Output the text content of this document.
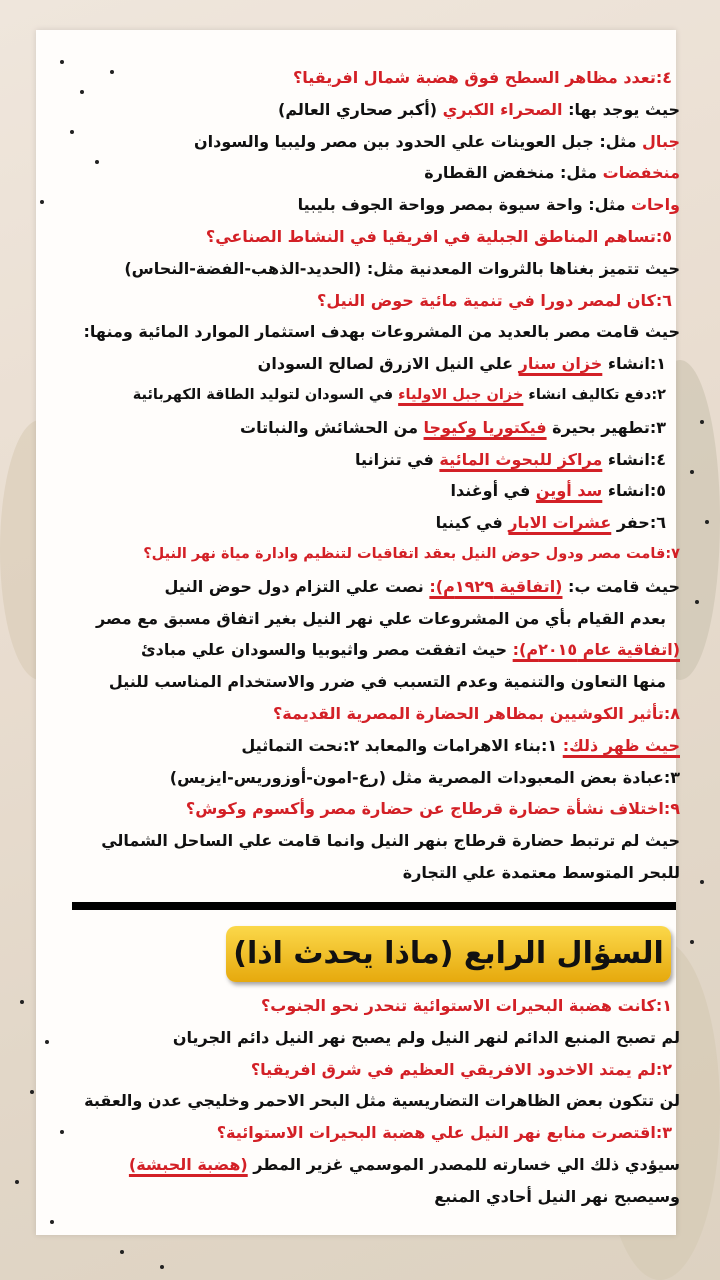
٤:تعدد مظاهر السطح فوق هضبة شمال افريقيا؟
حيث يوجد بها: الصحراء الكبري (أكبر صحاري العالم)
جبال مثل: جبل العوينات علي الحدود بين مصر وليبيا والسودان
منخفضات مثل: منخفض القطارة
واحات مثل: واحة سيوة بمصر وواحة الجوف بليبيا
٥:تساهم المناطق الجبلية في افريقيا في النشاط الصناعي؟
حيث تتميز بغناها بالثروات المعدنية مثل: (الحديد-الذهب-الفضة-النحاس)
٦:كان لمصر دورا في تنمية مائية حوض النيل؟
حيث قامت مصر بالعديد من المشروعات بهدف استثمار الموارد المائية ومنها:
١:انشاء خزان سنار علي النيل الازرق لصالح السودان
٢:دفع تكاليف انشاء خزان جبل الاولياء في السودان لتوليد الطاقة الكهربائية
٣:تطهير بحيرة فيكتوريا وكيوجا من الحشائش والنباتات
٤:انشاء مراكز للبحوث المائية في تنزانيا
٥:انشاء سد أوين في أوغندا
٦:حفر عشرات الابار في كينيا
٧:قامت مصر ودول حوض النيل بعقد اتفاقيات لتنظيم وادارة مياة نهر النيل؟
حيث قامت ب: (اتفاقية ١٩٢٩م): نصت علي التزام دول حوض النيل
بعدم القيام بأي من المشروعات علي نهر النيل بغير اتفاق مسبق مع مصر
(اتفاقية عام ٢٠١٥م): حيث اتفقت مصر واثيوبيا والسودان علي مبادئ
منها التعاون والتنمية وعدم التسبب في ضرر والاستخدام المناسب للنيل
٨:تأثير الكوشيين بمظاهر الحضارة المصرية القديمة؟
حيث ظهر ذلك: ١:بناء الاهرامات والمعابد ٢:نحت التماثيل
٣:عبادة بعض المعبودات المصرية مثل (رع-امون-أوزوريس-ايزيس)
٩:اختلاف نشأة حضارة قرطاج عن حضارة مصر وأكسوم وكوش؟
حيث لم ترتبط حضارة قرطاج بنهر النيل وانما قامت علي الساحل الشمالي
للبحر المتوسط معتمدة علي التجارة
السؤال الرابع (ماذا يحدث اذا)
١:كانت هضبة البحيرات الاستوائية تنحدر نحو الجنوب؟
لم تصبح المنبع الدائم لنهر النيل ولم يصبح نهر النيل دائم الجريان
٢:لم يمتد الاخدود الافريقي العظيم في شرق افريقيا؟
لن تتكون بعض الظاهرات التضاريسية مثل البحر الاحمر وخليجي عدن والعقبة
٣:اقتصرت منابع نهر النيل علي هضبة البحيرات الاستوائية؟
سيؤدي ذلك الي خسارته للمصدر الموسمي غزير المطر (هضبة الحبشة)
وسيصبح نهر النيل أحادي المنبع
